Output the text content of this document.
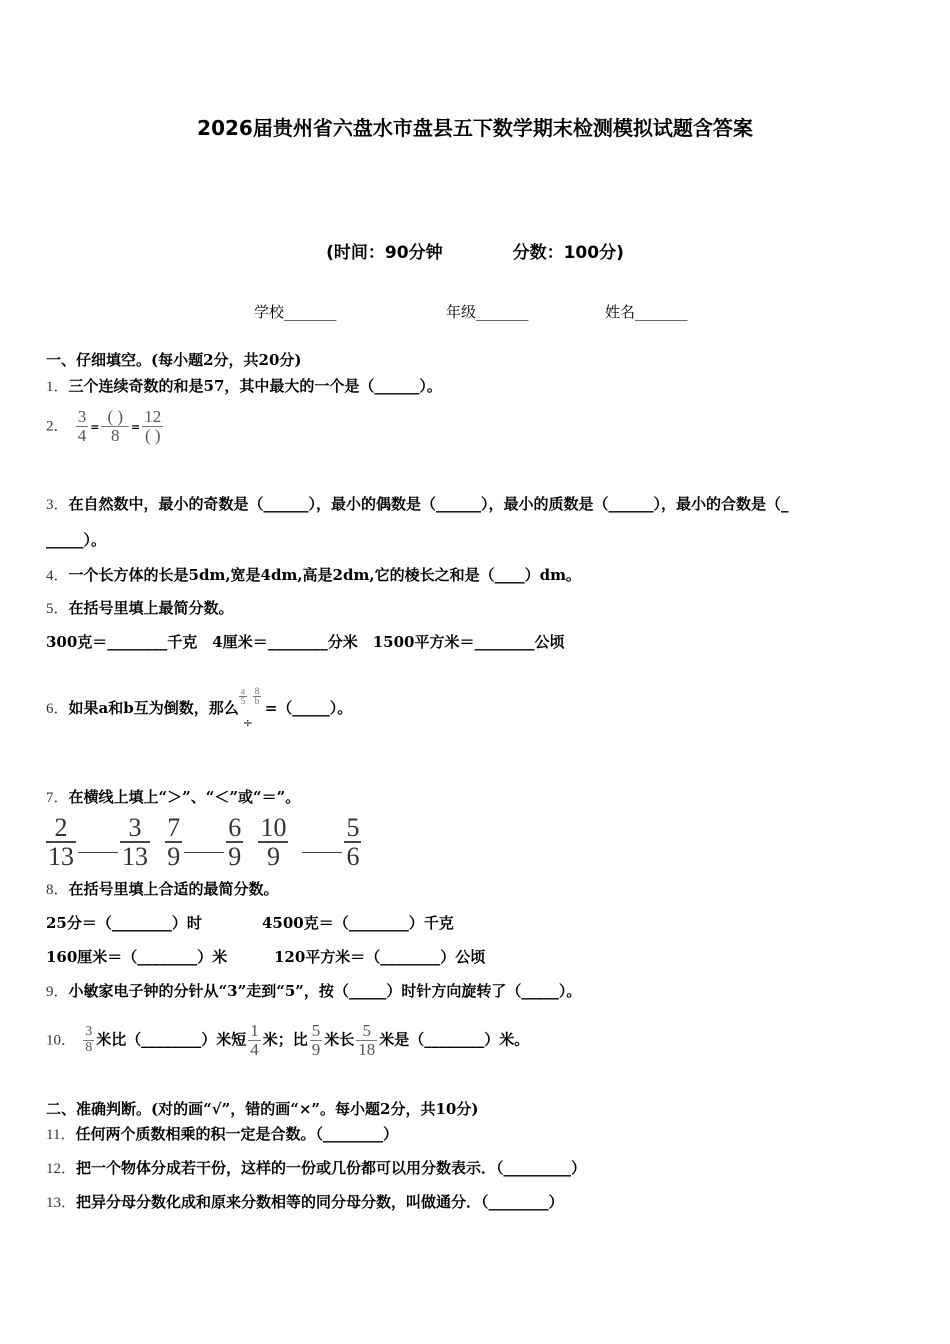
2026届贵州省六盘水市盘县五下数学期末检测模拟试题含答案
(时间：90分钟	分数：100分)
学校_______	年级_______	姓名_______
一、仔细填空。(每小题2分，共20分)
1．三个连续奇数的和是57，其中最大的一个是（______）。
2． $\frac{3}{4} = \frac{( )}{8} = \frac{12}{( )}$
3．在自然数中，最小的奇数是（______），最小的偶数是（______），最小的质数是（______），最小的合数是（_
_____）。
4．一个长方体的长是5dm,宽是4dm,高是2dm,它的棱长之和是（____）dm。
5．在括号里填上最简分数。
300克＝________千克　4厘米＝________分米　1500平方米＝________公顷
6．如果a和b互为倒数，那么
$\frac{a}{5} \frac{8}{b}$
÷
=（_____）。
7．在横线上填上“＞”、“＜”或“＝”。
$\frac{2}{13} \frac{3}{13}$
$\frac{7}{9} \frac{6}{9}$
$\frac{10}{9} \frac{5}{6}$
8．在括号里填上合适的最简分数。
25分＝（________）时	4500克＝（________）千克
160厘米＝（________）米	120平方米＝（________）公顷
9．小敏家电子钟的分针从“3”走到“5”，按（_____）时针方向旋转了（_____）。
10． $\frac{3}{8}$ 米比（________）米短 $\frac{1}{4}$ 米；比 $\frac{5}{9}$ 米长 $\frac{5}{18}$ 米是（________）米。
二、准确判断。(对的画“√”，错的画“×”。每小题2分，共10分)
11．任何两个质数相乘的积一定是合数。（________）
12．把一个物体分成若干份，这样的一份或几份都可以用分数表示．（_________）
13．把异分母分数化成和原来分数相等的同分母分数，叫做通分．（________）
